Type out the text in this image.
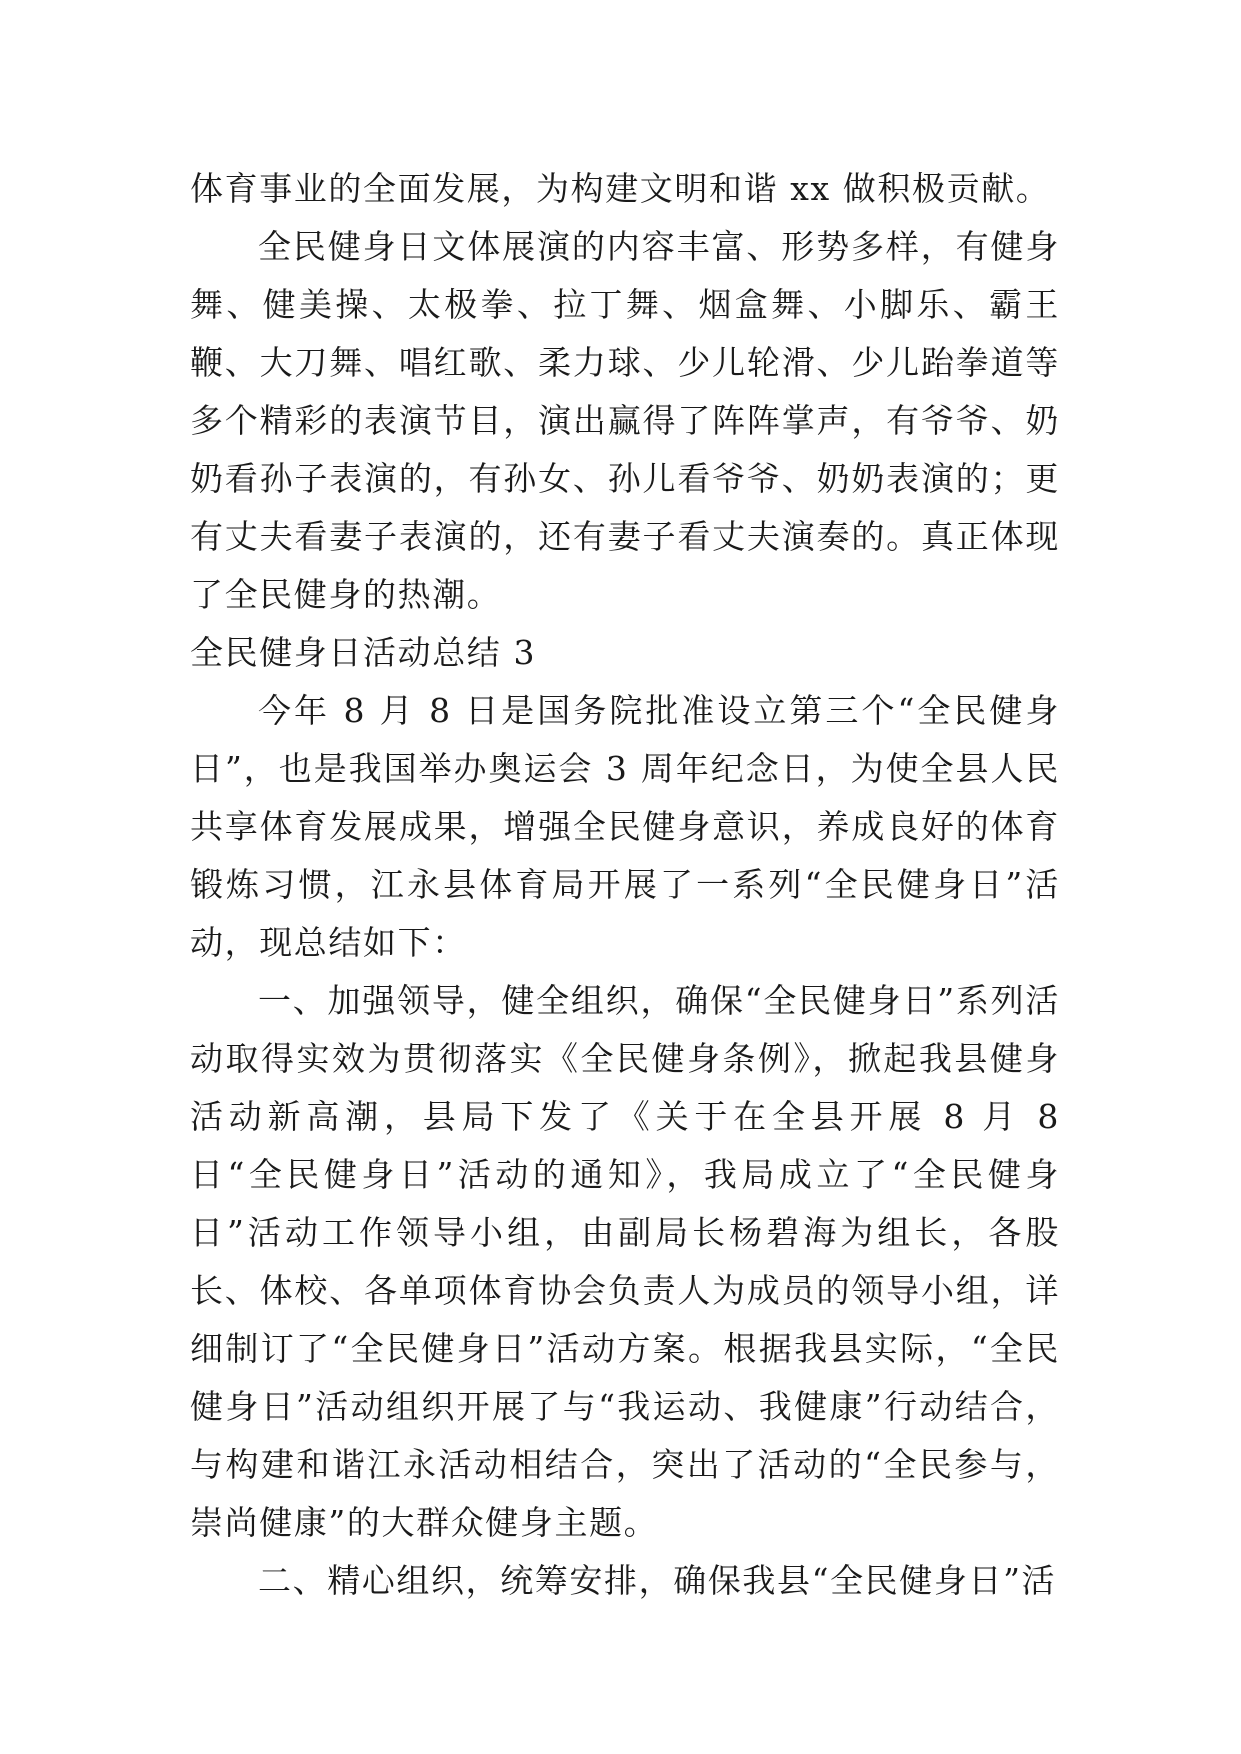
体育事业的全面发展，为构建文明和谐 xx 做积极贡献。

全民健身日文体展演的内容丰富、形势多样，有健身舞、健美操、太极拳、拉丁舞、烟盒舞、小脚乐、霸王鞭、大刀舞、唱红歌、柔力球、少儿轮滑、少儿跆拳道等多个精彩的表演节目，演出赢得了阵阵掌声，有爷爷、奶奶看孙子表演的，有孙女、孙儿看爷爷、奶奶表演的；更有丈夫看妻子表演的，还有妻子看丈夫演奏的。真正体现了全民健身的热潮。

全民健身日活动总结 3

今年 8 月 8 日是国务院批准设立第三个“全民健身日”，也是我国举办奥运会 3 周年纪念日，为使全县人民共享体育发展成果，增强全民健身意识，养成良好的体育锻炼习惯，江永县体育局开展了一系列“全民健身日”活动，现总结如下：

一、加强领导，健全组织，确保“全民健身日”系列活动取得实效为贯彻落实《全民健身条例》，掀起我县健身活动新高潮，县局下发了《关于在全县开展 8 月 8 日“全民健身日”活动的通知》，我局成立了“全民健身日”活动工作领导小组，由副局长杨碧海为组长，各股长、体校、各单项体育协会负责人为成员的领导小组，详细制订了“全民健身日”活动方案。根据我县实际，“全民健身日”活动组织开展了与“我运动、我健康”行动结合，与构建和谐江永活动相结合，突出了活动的“全民参与，崇尚健康”的大群众健身主题。

二、精心组织，统筹安排，确保我县“全民健身日”活
